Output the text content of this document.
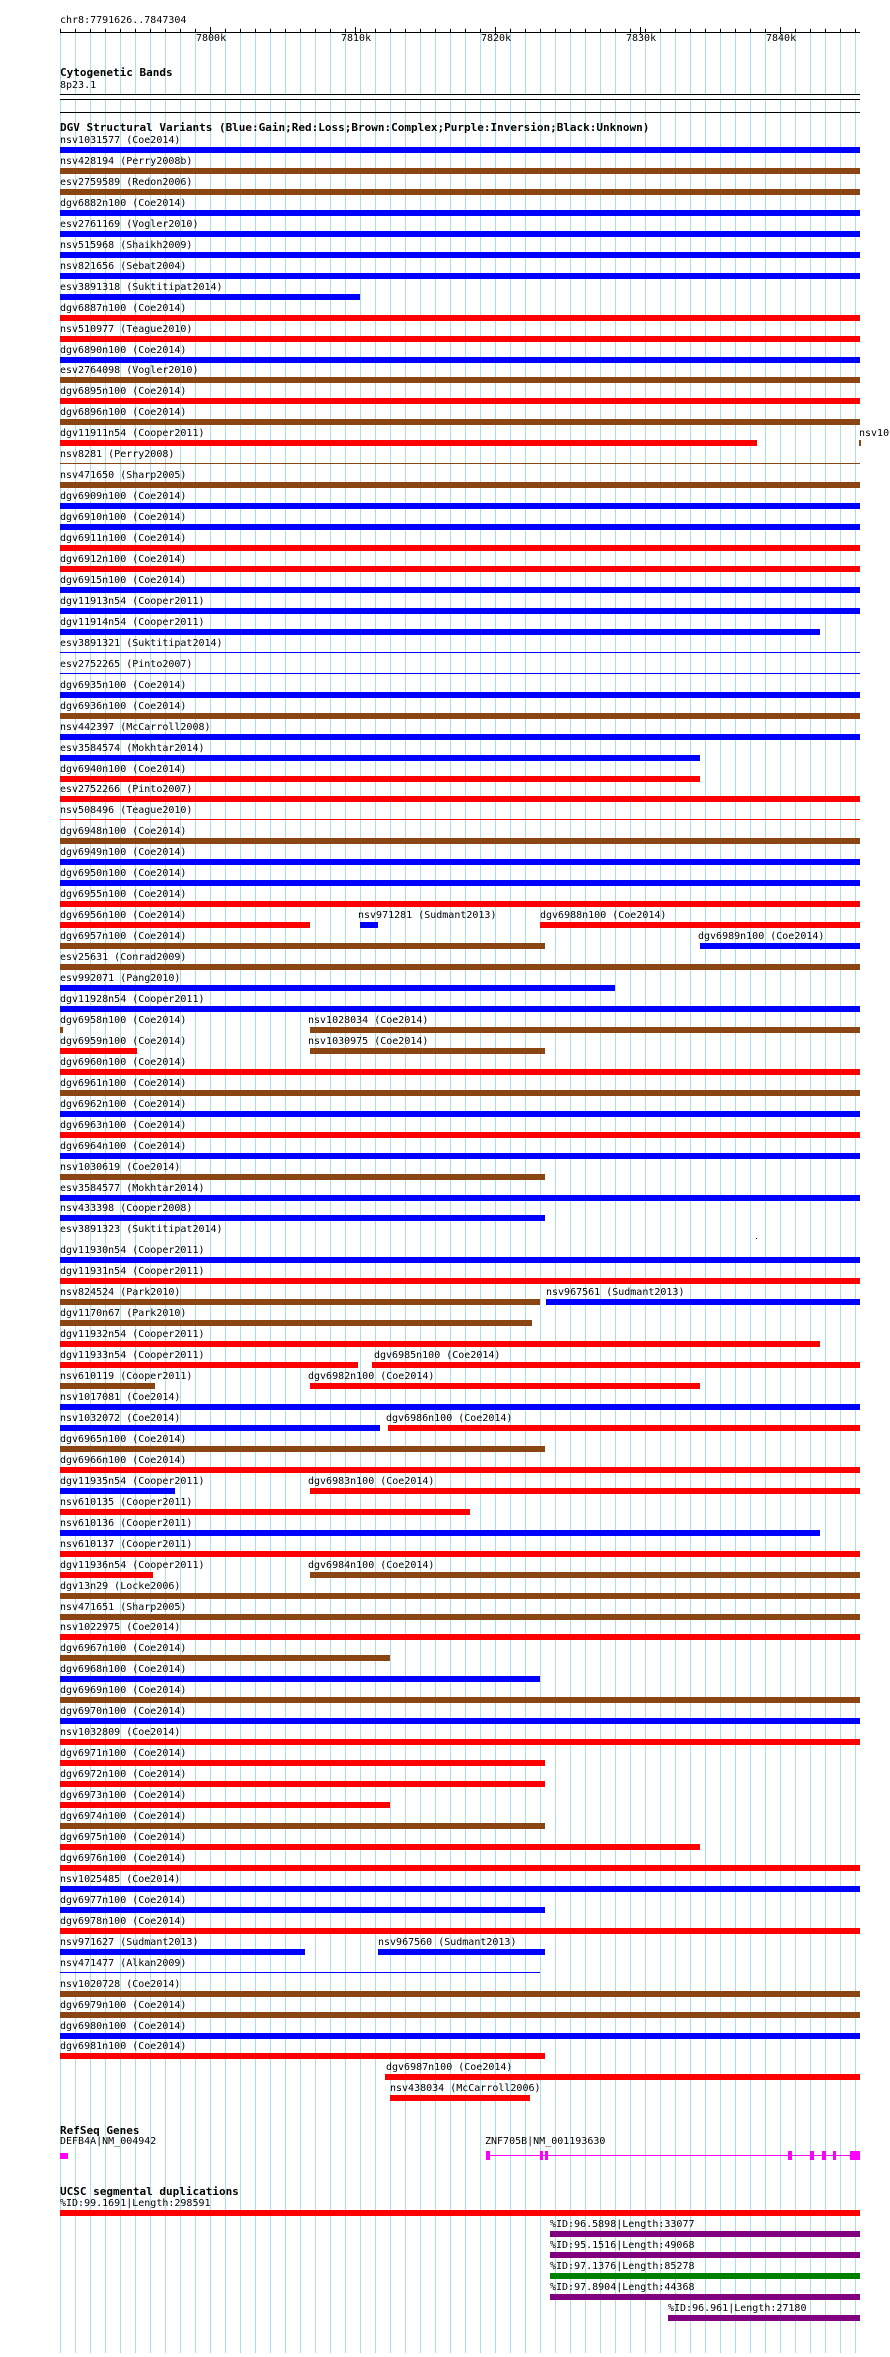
chr8:7791626..7847304
7800k	7810k	7820k	7830k	7840k
Cytogenetic Bands
8p23.1
DGV Structural Variants (Blue:Gain;Red:Loss;Brown:Complex;Purple:Inversion;Black:Unknown)
nsv1031577 (Coe2014)
nsv428194 (Perry2008b)
esv2759589 (Redon2006)
dgv6882n100 (Coe2014)
esv2761169 (Vogler2010)
nsv515968 (Shaikh2009)
nsv821656 (Sebat2004)
esv3891318 (Suktitipat2014)
dgv6887n100 (Coe2014)
nsv510977 (Teague2010)
dgv6890n100 (Coe2014)
esv2764098 (Vogler2010)
dgv6895n100 (Coe2014)
dgv6896n100 (Coe2014)
dgv11911n54 (Cooper2011)	nsv10
nsv8281 (Perry2008)
nsv471650 (Sharp2005)
dgv6909n100 (Coe2014)
dgv6910n100 (Coe2014)
dgv6911n100 (Coe2014)
dgv6912n100 (Coe2014)
dgv6915n100 (Coe2014)
dgv11913n54 (Cooper2011)
dgv11914n54 (Cooper2011)
esv3891321 (Suktitipat2014)
esv2752265 (Pinto2007)
dgv6935n100 (Coe2014)
dgv6936n100 (Coe2014)
nsv442397 (McCarroll2008)
esv3584574 (Mokhtar2014)
dgv6940n100 (Coe2014)
esv2752266 (Pinto2007)
nsv508496 (Teague2010)
dgv6948n100 (Coe2014)
dgv6949n100 (Coe2014)
dgv6950n100 (Coe2014)
dgv6955n100 (Coe2014)
dgv6956n100 (Coe2014)	nsv971281 (Sudmant2013)	dgv6988n100 (Coe2014)
dgv6957n100 (Coe2014)	dgv6989n100 (Coe2014)
esv25631 (Conrad2009)
esv992071 (Pang2010)
dgv11928n54 (Cooper2011)
dgv6958n100 (Coe2014)	nsv1028034 (Coe2014)
dgv6959n100 (Coe2014)	nsv1030975 (Coe2014)
dgv6960n100 (Coe2014)
dgv6961n100 (Coe2014)
dgv6962n100 (Coe2014)
dgv6963n100 (Coe2014)
dgv6964n100 (Coe2014)
nsv1030619 (Coe2014)
esv3584577 (Mokhtar2014)
nsv433398 (Cooper2008)
esv3891323 (Suktitipat2014)
dgv11930n54 (Cooper2011)
dgv11931n54 (Cooper2011)
nsv824524 (Park2010)	nsv967561 (Sudmant2013)
dgv1170n67 (Park2010)
dgv11932n54 (Cooper2011)
dgv11933n54 (Cooper2011)	dgv6985n100 (Coe2014)
nsv610119 (Cooper2011)	dgv6982n100 (Coe2014)
nsv1017081 (Coe2014)
nsv1032072 (Coe2014)	dgv6986n100 (Coe2014)
dgv6965n100 (Coe2014)
dgv6966n100 (Coe2014)
dgv11935n54 (Cooper2011)	dgv6983n100 (Coe2014)
nsv610135 (Cooper2011)
nsv610136 (Cooper2011)
nsv610137 (Cooper2011)
dgv11936n54 (Cooper2011)	dgv6984n100 (Coe2014)
dgv13n29 (Locke2006)
nsv471651 (Sharp2005)
nsv1022975 (Coe2014)
dgv6967n100 (Coe2014)
dgv6968n100 (Coe2014)
dgv6969n100 (Coe2014)
dgv6970n100 (Coe2014)
nsv1032809 (Coe2014)
dgv6971n100 (Coe2014)
dgv6972n100 (Coe2014)
dgv6973n100 (Coe2014)
dgv6974n100 (Coe2014)
dgv6975n100 (Coe2014)
dgv6976n100 (Coe2014)
nsv1025485 (Coe2014)
dgv6977n100 (Coe2014)
dgv6978n100 (Coe2014)
nsv971627 (Sudmant2013)	nsv967560 (Sudmant2013)
nsv471477 (Alkan2009)
nsv1020728 (Coe2014)
dgv6979n100 (Coe2014)
dgv6980n100 (Coe2014)
dgv6981n100 (Coe2014)
dgv6987n100 (Coe2014)
nsv438034 (McCarroll2006)
RefSeq Genes
DEFB4A|NM_004942	ZNF705B|NM_001193630
UCSC segmental duplications
%ID:99.1691|Length:298591
%ID:96.5898|Length:33077
%ID:95.1516|Length:49068
%ID:97.1376|Length:85278
%ID:97.8904|Length:44368
%ID:96.961|Length:27180
